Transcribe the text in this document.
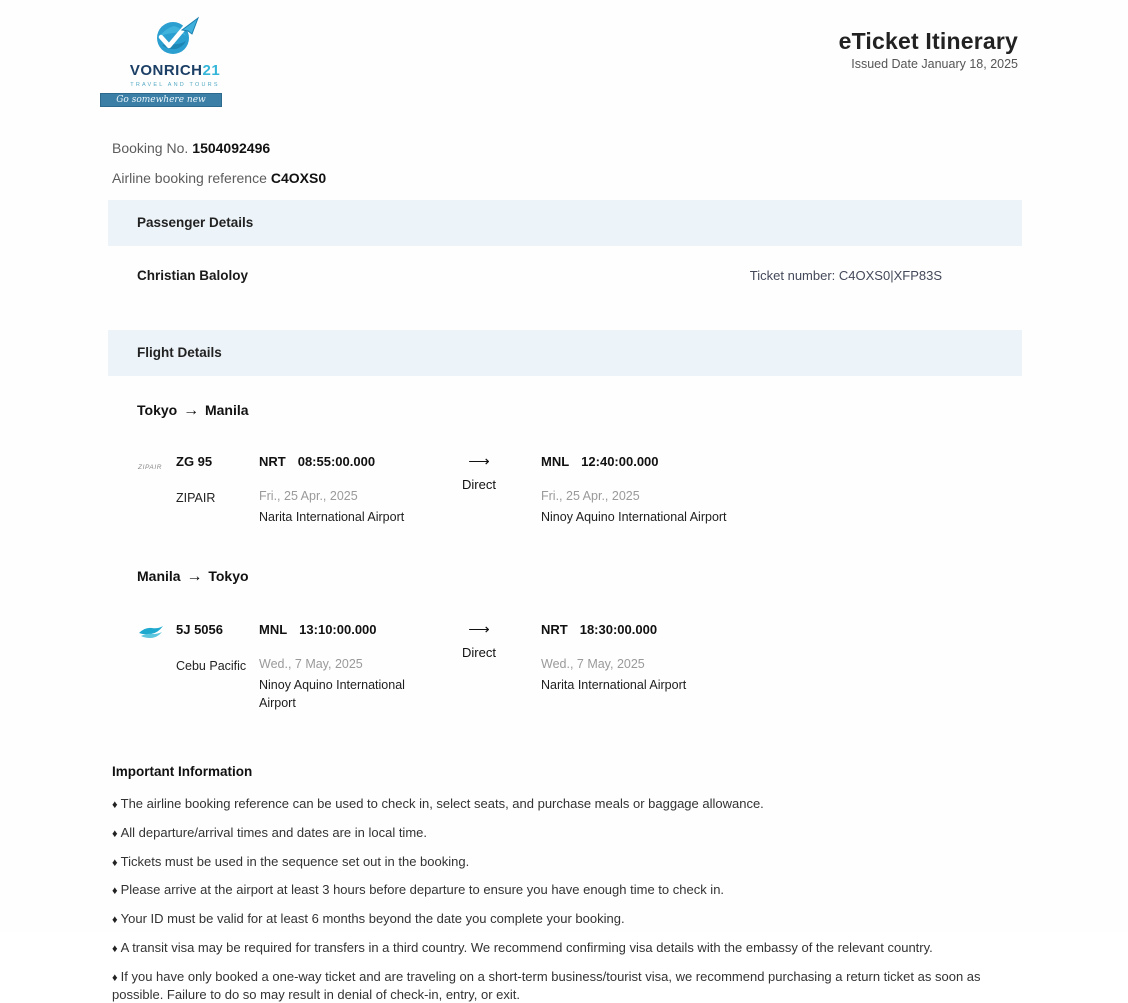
VONRICH21
TRAVEL AND TOURS
Go somewhere new
eTicket Itinerary
Issued Date January 18, 2025
Booking No. 1504092496
Airline booking reference C4OXS0
Passenger Details
Christian Baloloy	Ticket number: C4OXS0|XFP83S
Flight Details
Tokyo → Manila
ZIPAIR	ZG 95
ZIPAIR
NRT 08:55:00.000
Fri., 25 Apr., 2025
Narita International Airport
⟶
Direct
MNL 12:40:00.000
Fri., 25 Apr., 2025
Ninoy Aquino International Airport
Manila → Tokyo
5J 5056
Cebu Pacific
MNL 13:10:00.000
Wed., 7 May, 2025
Ninoy Aquino International Airport
⟶
Direct
NRT 18:30:00.000
Wed., 7 May, 2025
Narita International Airport
Important Information
♦ The airline booking reference can be used to check in, select seats, and purchase meals or baggage allowance.
♦ All departure/arrival times and dates are in local time.
♦ Tickets must be used in the sequence set out in the booking.
♦ Please arrive at the airport at least 3 hours before departure to ensure you have enough time to check in.
♦ Your ID must be valid for at least 6 months beyond the date you complete your booking.
♦ A transit visa may be required for transfers in a third country. We recommend confirming visa details with the embassy of the relevant country.
♦ If you have only booked a one-way ticket and are traveling on a short-term business/tourist visa, we recommend purchasing a return ticket as soon as possible. Failure to do so may result in denial of check-in, entry, or exit.
